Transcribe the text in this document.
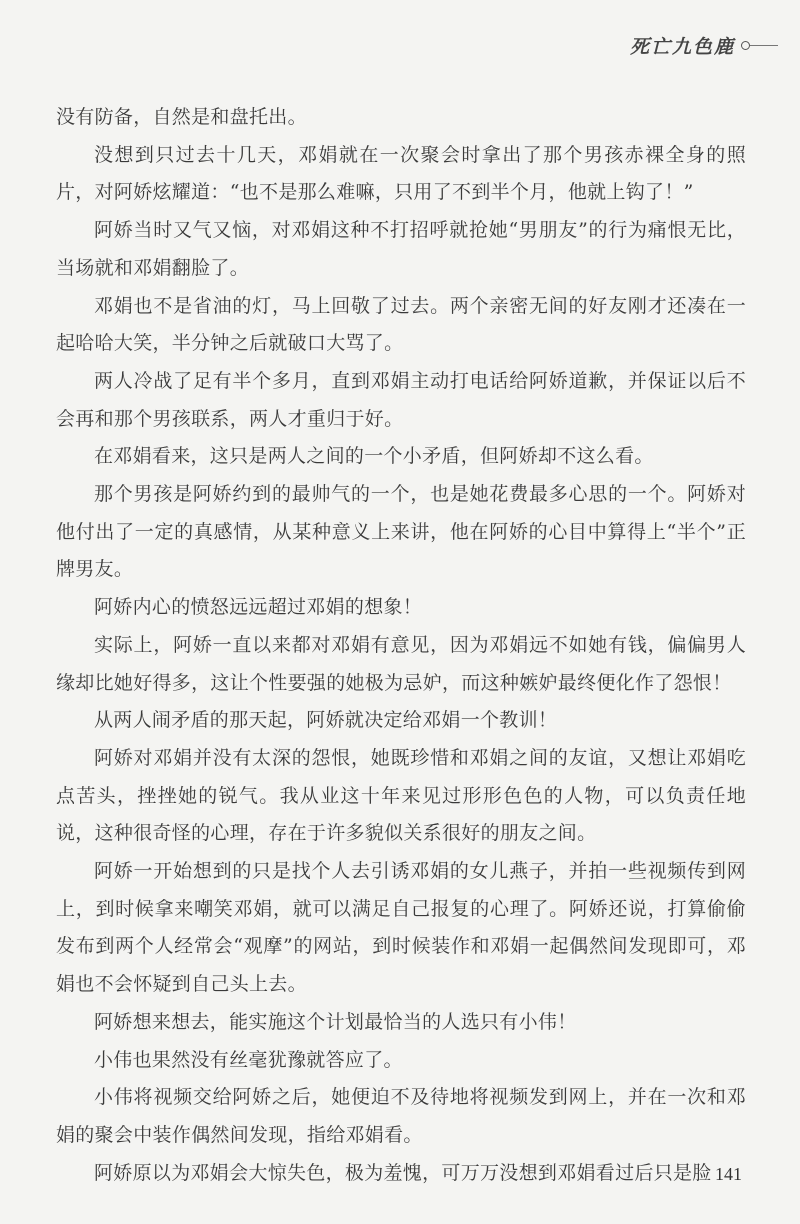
死亡九色鹿

没有防备，自然是和盘托出。

没想到只过去十几天，邓娟就在一次聚会时拿出了那个男孩赤裸全身的照片，对阿娇炫耀道：“也不是那么难嘛，只用了不到半个月，他就上钩了！”

阿娇当时又气又恼，对邓娟这种不打招呼就抢她“男朋友”的行为痛恨无比，当场就和邓娟翻脸了。

邓娟也不是省油的灯，马上回敬了过去。两个亲密无间的好友刚才还凑在一起哈哈大笑，半分钟之后就破口大骂了。

两人冷战了足有半个多月，直到邓娟主动打电话给阿娇道歉，并保证以后不会再和那个男孩联系，两人才重归于好。

在邓娟看来，这只是两人之间的一个小矛盾，但阿娇却不这么看。

那个男孩是阿娇约到的最帅气的一个，也是她花费最多心思的一个。阿娇对他付出了一定的真感情，从某种意义上来讲，他在阿娇的心目中算得上“半个”正牌男友。

阿娇内心的愤怒远远超过邓娟的想象！

实际上，阿娇一直以来都对邓娟有意见，因为邓娟远不如她有钱，偏偏男人缘却比她好得多，这让个性要强的她极为忌妒，而这种嫉妒最终便化作了怨恨！

从两人闹矛盾的那天起，阿娇就决定给邓娟一个教训！

阿娇对邓娟并没有太深的怨恨，她既珍惜和邓娟之间的友谊，又想让邓娟吃点苦头，挫挫她的锐气。我从业这十年来见过形形色色的人物，可以负责任地说，这种很奇怪的心理，存在于许多貌似关系很好的朋友之间。

阿娇一开始想到的只是找个人去引诱邓娟的女儿燕子，并拍一些视频传到网上，到时候拿来嘲笑邓娟，就可以满足自己报复的心理了。阿娇还说，打算偷偷发布到两个人经常会“观摩”的网站，到时候装作和邓娟一起偶然间发现即可，邓娟也不会怀疑到自己头上去。

阿娇想来想去，能实施这个计划最恰当的人选只有小伟！

小伟也果然没有丝毫犹豫就答应了。

小伟将视频交给阿娇之后，她便迫不及待地将视频发到网上，并在一次和邓娟的聚会中装作偶然间发现，指给邓娟看。

阿娇原以为邓娟会大惊失色，极为羞愧，可万万没想到邓娟看过后只是脸 141
